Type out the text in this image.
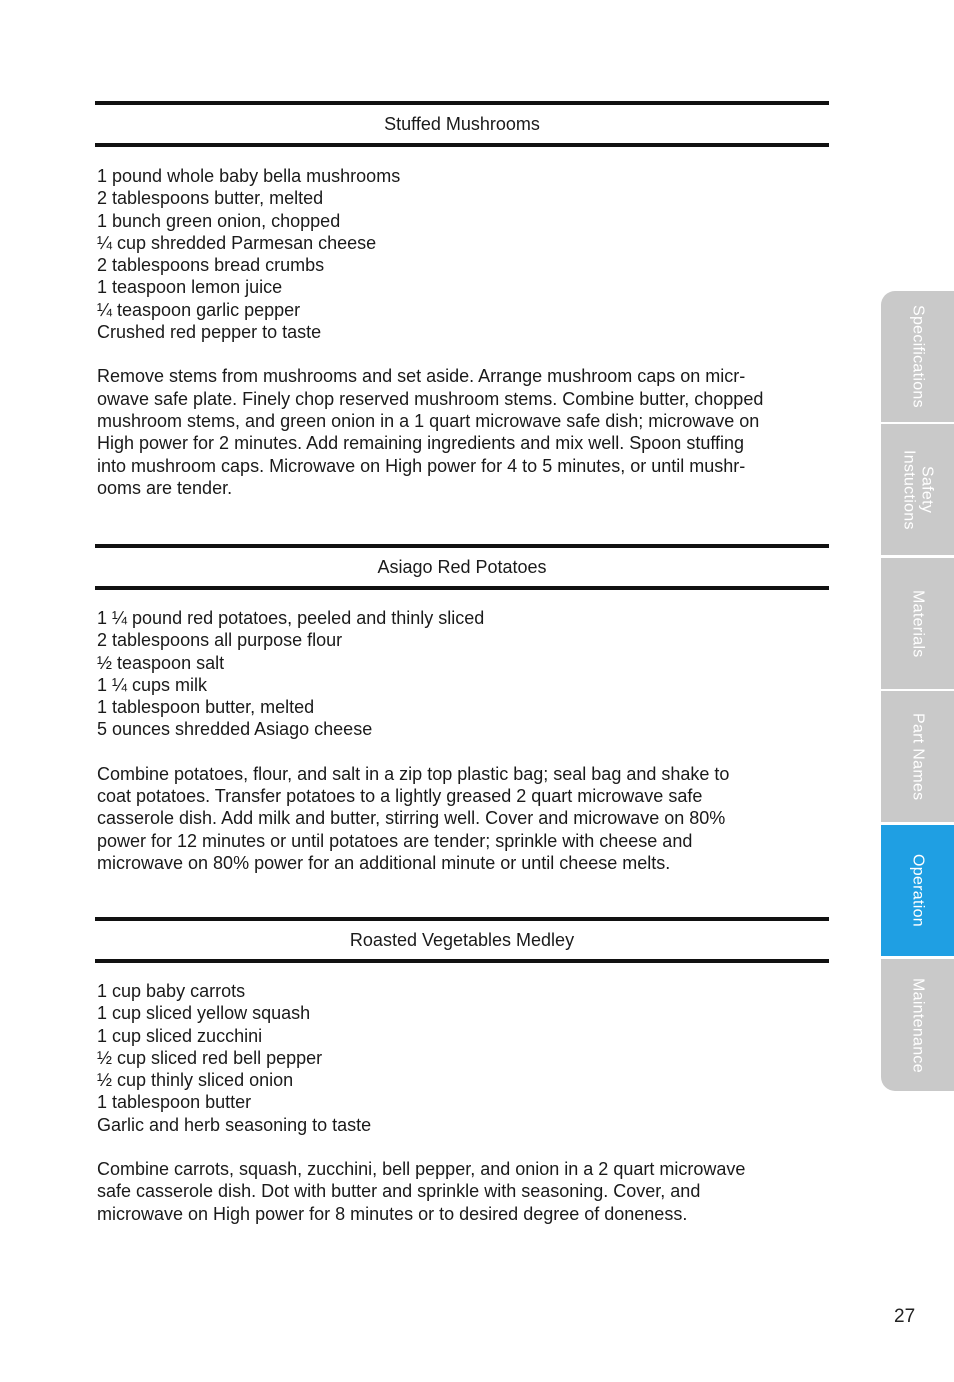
Stuffed Mushrooms
1 pound whole baby bella mushrooms
2 tablespoons butter, melted
1 bunch green onion, chopped
¼ cup shredded Parmesan cheese
2 tablespoons bread crumbs
1 teaspoon lemon juice
¼ teaspoon garlic pepper
Crushed red pepper to taste

Remove stems from mushrooms and set aside. Arrange mushroom caps on micr-
owave safe plate. Finely chop reserved mushroom stems. Combine butter, chopped
mushroom stems, and green onion in a 1 quart microwave safe dish; microwave on
High power for 2 minutes. Add remaining ingredients and mix well. Spoon stuffing
into mushroom caps. Microwave on High power for 4 to 5 minutes, or until mushr-
ooms are tender.

Asiago Red Potatoes
1 ¼ pound red potatoes, peeled and thinly sliced
2 tablespoons all purpose flour
½ teaspoon salt
1 ¼ cups milk
1 tablespoon butter, melted
5 ounces shredded Asiago cheese

Combine potatoes, flour, and salt in a zip top plastic bag; seal bag and shake to
coat potatoes. Transfer potatoes to a lightly greased 2 quart microwave safe
casserole dish. Add milk and butter, stirring well. Cover and microwave on 80%
power for 12 minutes or until potatoes are tender; sprinkle with cheese and
microwave on 80% power for an additional minute or until cheese melts.

Roasted Vegetables Medley
1 cup baby carrots
1 cup sliced yellow squash
1 cup sliced zucchini
½ cup sliced red bell pepper
½ cup thinly sliced onion
1 tablespoon butter
Garlic and herb seasoning to taste

Combine carrots, squash, zucchini, bell pepper, and onion in a 2 quart microwave
safe casserole dish. Dot with butter and sprinkle with seasoning. Cover, and
microwave on High power for 8 minutes or to desired degree of doneness.

Specifications
Safety
Instuctions
Materials
Part Names
Operation
Maintenance
27
